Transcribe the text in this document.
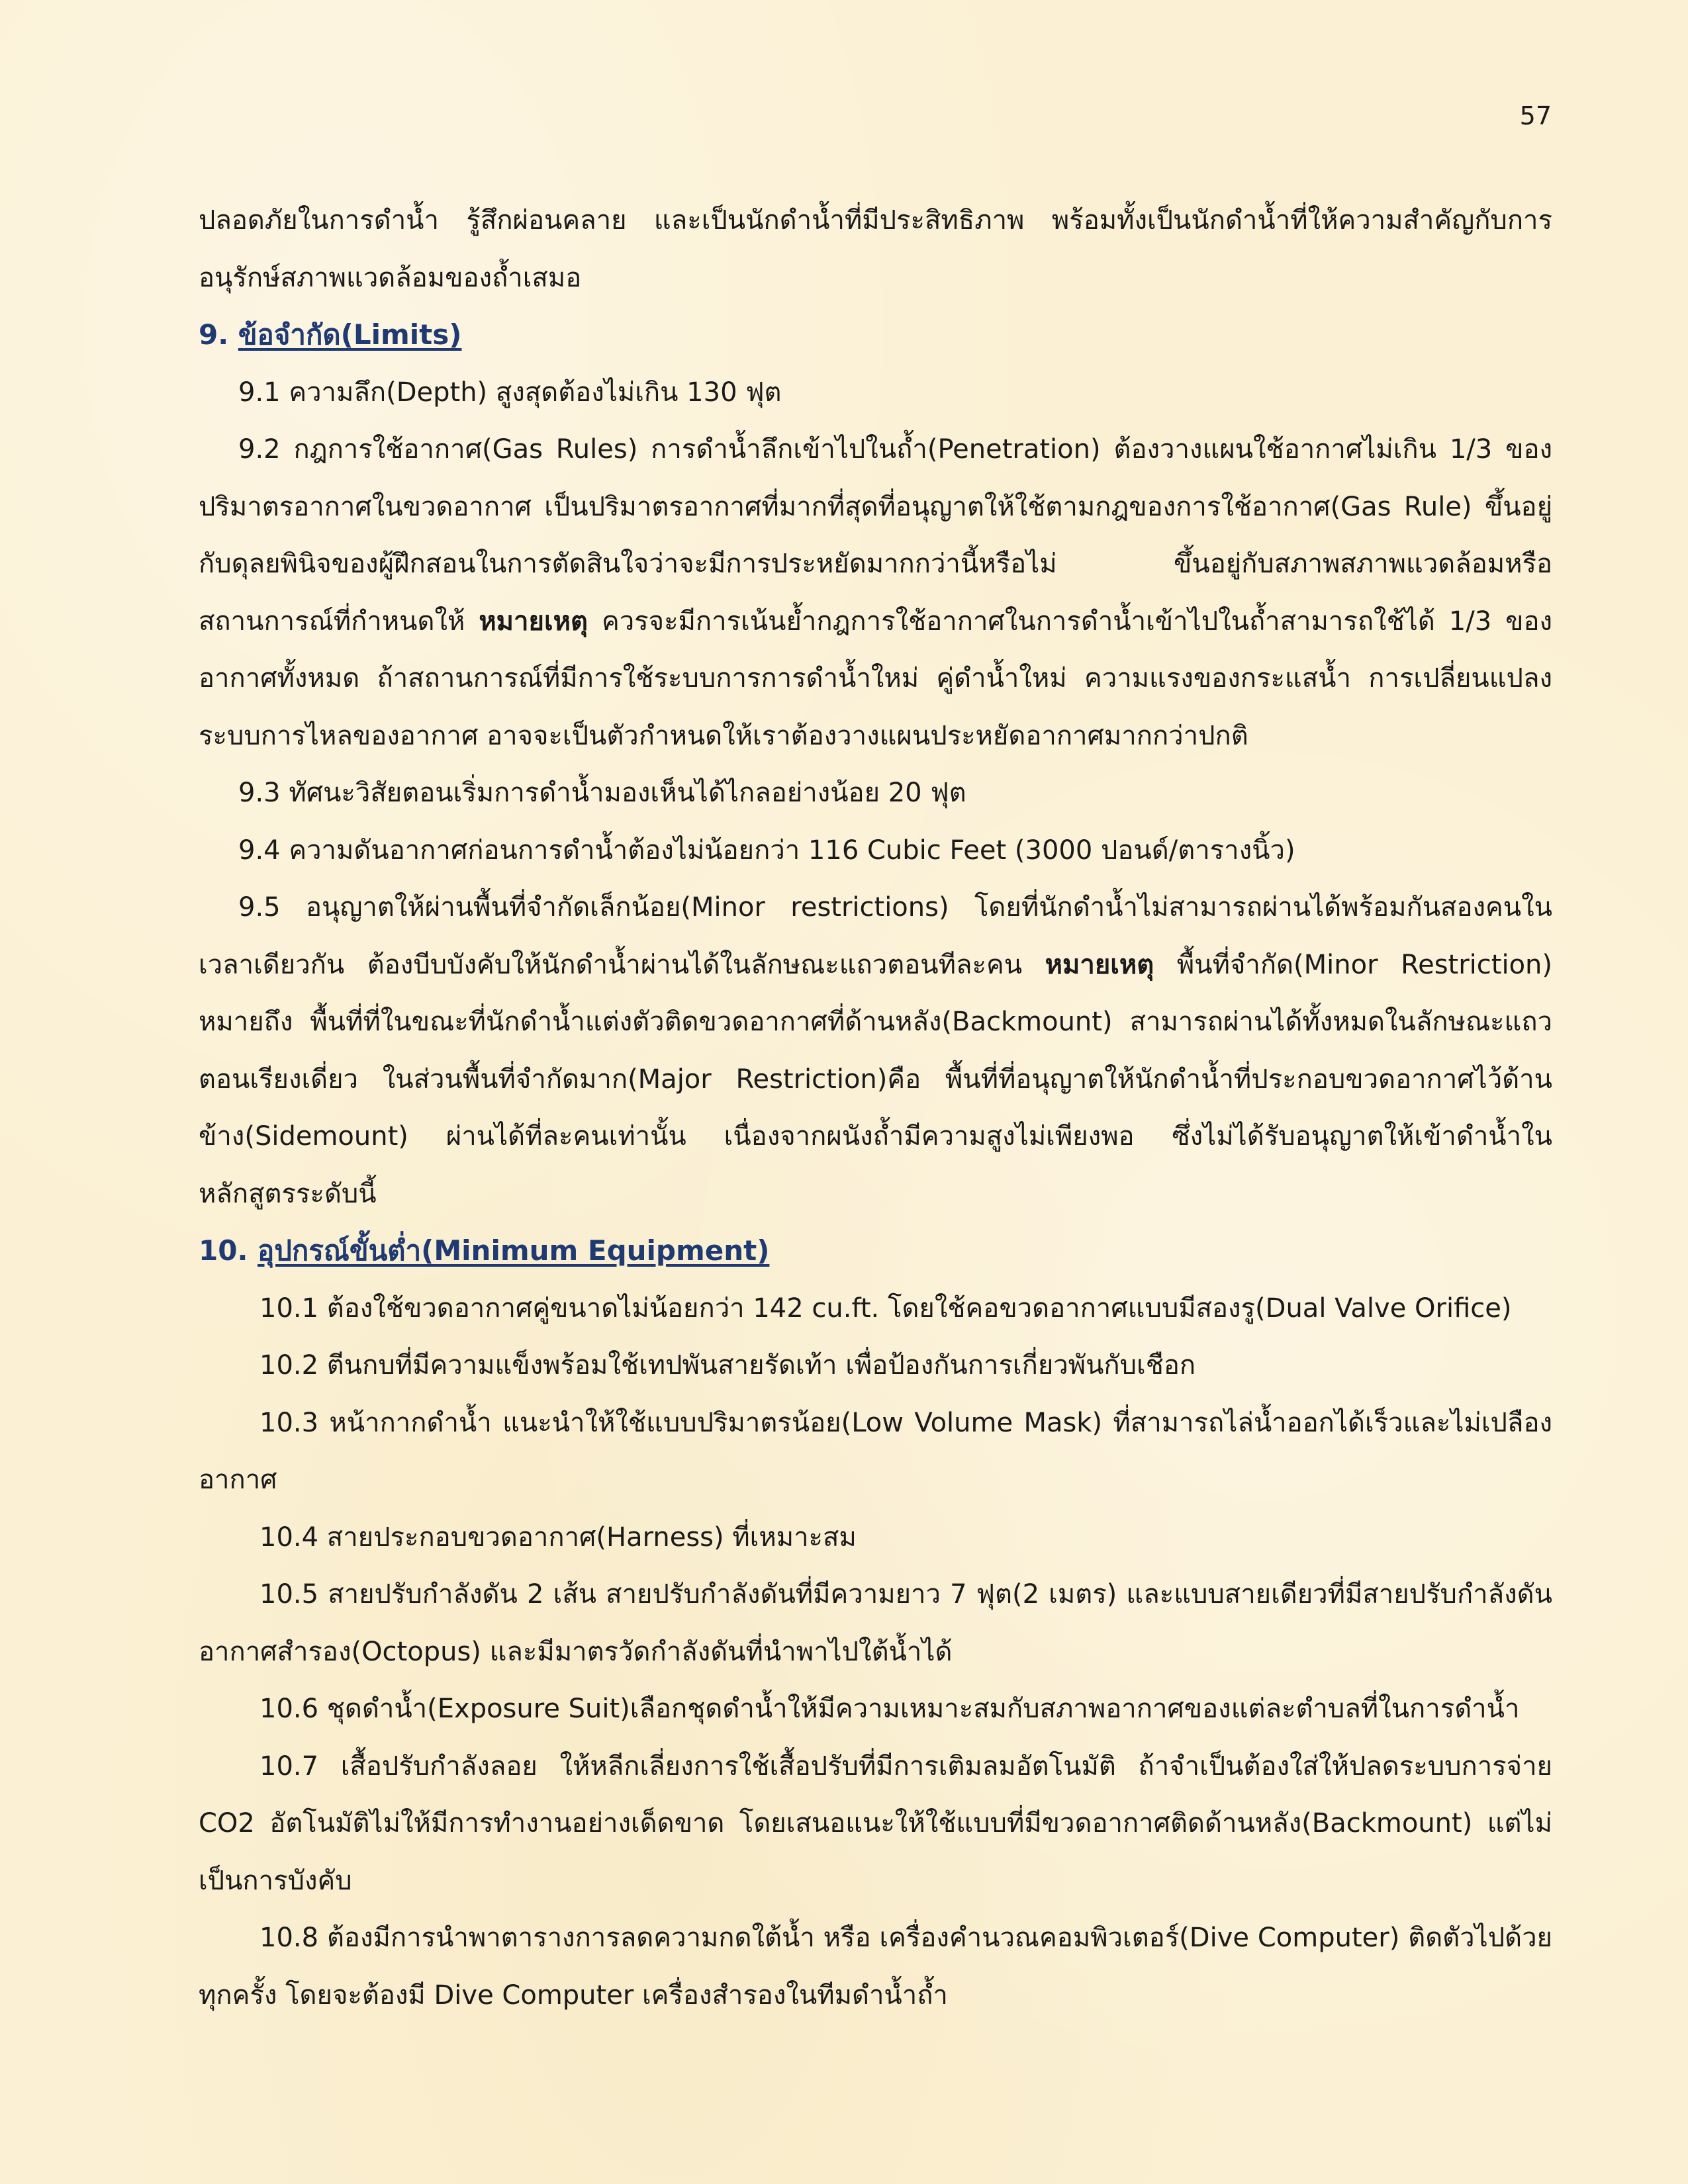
57

ปลอดภัยในการดำน้ำ รู้สึกผ่อนคลาย และเป็นนักดำน้ำที่มีประสิทธิภาพ พร้อมทั้งเป็นนักดำน้ำที่ให้ความสำคัญกับการอนุรักษ์สภาพแวดล้อมของถ้ำเสมอ

9. ข้อจำกัด(Limits)

9.1 ความลึก(Depth) สูงสุดต้องไม่เกิน 130 ฟุต

9.2 กฎการใช้อากาศ(Gas Rules) การดำน้ำลึกเข้าไปในถ้ำ(Penetration) ต้องวางแผนใช้อากาศไม่เกิน 1/3 ของปริมาตรอากาศในขวดอากาศ เป็นปริมาตรอากาศที่มากที่สุดที่อนุญาตให้ใช้ตามกฎของการใช้อากาศ(Gas Rule) ขึ้นอยู่กับดุลยพินิจของผู้ฝึกสอนในการตัดสินใจว่าจะมีการประหยัดมากกว่านี้หรือไม่ ขึ้นอยู่กับสภาพสภาพแวดล้อมหรือสถานการณ์ที่กำหนดให้ หมายเหตุ ควรจะมีการเน้นย้ำกฎการใช้อากาศในการดำน้ำเข้าไปในถ้ำสามารถใช้ได้ 1/3 ของอากาศทั้งหมด ถ้าสถานการณ์ที่มีการใช้ระบบการการดำน้ำใหม่ คู่ดำน้ำใหม่ ความแรงของกระแสน้ำ การเปลี่ยนแปลงระบบการไหลของอากาศ อาจจะเป็นตัวกำหนดให้เราต้องวางแผนประหยัดอากาศมากกว่าปกติ

9.3 ทัศนะวิสัยตอนเริ่มการดำน้ำมองเห็นได้ไกลอย่างน้อย 20 ฟุต

9.4 ความดันอากาศก่อนการดำน้ำต้องไม่น้อยกว่า 116 Cubic Feet (3000 ปอนด์/ตารางนิ้ว)

9.5 อนุญาตให้ผ่านพื้นที่จำกัดเล็กน้อย(Minor restrictions) โดยที่นักดำน้ำไม่สามารถผ่านได้พร้อมกันสองคนในเวลาเดียวกัน ต้องบีบบังคับให้นักดำน้ำผ่านได้ในลักษณะแถวตอนทีละคน หมายเหตุ พื้นที่จำกัด(Minor Restriction) หมายถึง พื้นที่ที่ในขณะที่นักดำน้ำแต่งตัวติดขวดอากาศที่ด้านหลัง(Backmount) สามารถผ่านได้ทั้งหมดในลักษณะแถวตอนเรียงเดี่ยว ในส่วนพื้นที่จำกัดมาก(Major Restriction)คือ พื้นที่ที่อนุญาตให้นักดำน้ำที่ประกอบขวดอากาศไว้ด้านข้าง(Sidemount) ผ่านได้ที่ละคนเท่านั้น เนื่องจากผนังถ้ำมีความสูงไม่เพียงพอ ซึ่งไม่ได้รับอนุญาตให้เข้าดำน้ำในหลักสูตรระดับนี้

10. อุปกรณ์ขั้นต่ำ(Minimum Equipment)

10.1 ต้องใช้ขวดอากาศคู่ขนาดไม่น้อยกว่า 142 cu.ft. โดยใช้คอขวดอากาศแบบมีสองรู(Dual Valve Orifice)

10.2 ตีนกบที่มีความแข็งพร้อมใช้เทปพันสายรัดเท้า เพื่อป้องกันการเกี่ยวพันกับเชือก

10.3 หน้ากากดำน้ำ แนะนำให้ใช้แบบปริมาตรน้อย(Low Volume Mask) ที่สามารถไล่น้ำออกได้เร็วและไม่เปลืองอากาศ

10.4 สายประกอบขวดอากาศ(Harness) ที่เหมาะสม

10.5 สายปรับกำลังดัน 2 เส้น สายปรับกำลังดันที่มีความยาว 7 ฟุต(2 เมตร) และแบบสายเดียวที่มีสายปรับกำลังดันอากาศสำรอง(Octopus) และมีมาตรวัดกำลังดันที่นำพาไปใต้น้ำได้

10.6 ชุดดำน้ำ(Exposure Suit)เลือกชุดดำน้ำให้มีความเหมาะสมกับสภาพอากาศของแต่ละตำบลที่ในการดำน้ำ

10.7 เสื้อปรับกำลังลอย ให้หลีกเลี่ยงการใช้เสื้อปรับที่มีการเติมลมอัตโนมัติ ถ้าจำเป็นต้องใส่ให้ปลดระบบการจ่าย CO2 อัตโนมัติไม่ให้มีการทำงานอย่างเด็ดขาด โดยเสนอแนะให้ใช้แบบที่มีขวดอากาศติดด้านหลัง(Backmount) แต่ไม่เป็นการบังคับ

10.8 ต้องมีการนำพาตารางการลดความกดใต้น้ำ หรือ เครื่องคำนวณคอมพิวเตอร์(Dive Computer) ติดตัวไปด้วยทุกครั้ง โดยจะต้องมี Dive Computer เครื่องสำรองในทีมดำน้ำถ้ำ
